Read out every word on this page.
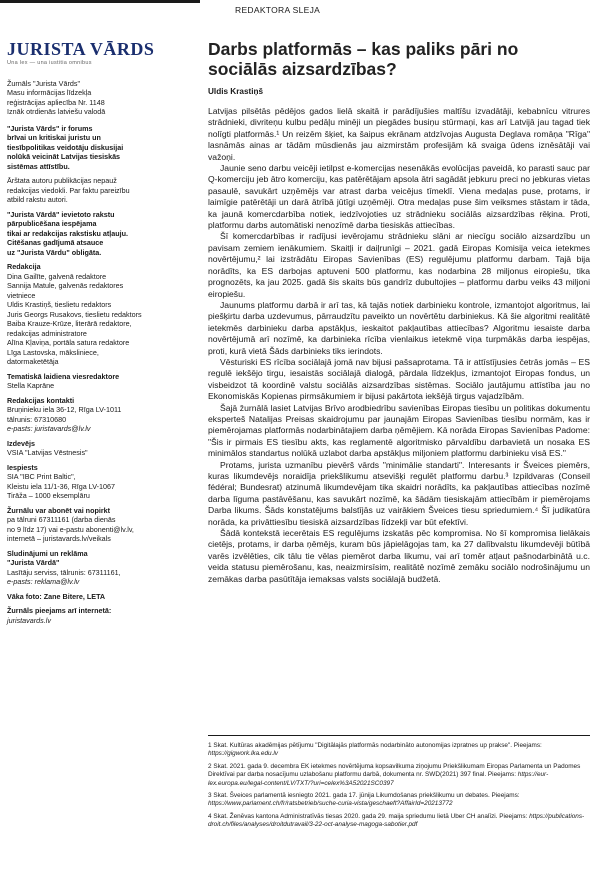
REDAKTORA SLEJA
JURISTA VĀRDS
Una lex — una iustitia omnibus

Žurnāls "Jurista Vārds"
Masu informācijas līdzekļa
reģistrācijas apliecība Nr. 1148
Iznāk otrdienās latviešu valodā

"Jurista Vārds" ir forums
brīvai un kritiskai juristu un
tiesībpolitikas veidotāju diskusijai
nolūkā veicināt Latvijas tiesiskās
sistēmas attīstību.

Ārštata autoru publikācijas nepauž
redakcijas viedokli. Par faktu pareizību
atbild rakstu autori.

"Jurista Vārdā" ievietoto rakstu
pārpublicēšana iespējama
tikai ar redakcijas rakstisku atļauju.
Citēšanas gadījumā atsauce
uz "Jurista Vārdu" obligāta.

Redakcija
Dina Gailīte, galvenā redaktore
Sannija Matule, galvenās redaktores
vietniece
Uldis Krastiņš, tieslietu redaktors
Juris Georgs Rusakovs, tieslietu redaktors
Baiba Krauze-Krūze, literārā redaktore,
redakcijas administratore
Alīna Kļaviņa, portāla satura redaktore
Līga Lastovska, māksliniece,
datormaketētāja

Tematiskā laidiena viesredaktore
Stella Kaprāne

Redakcijas kontakti
Bruņinieku iela 36-12, Rīga LV-1011
tālrunis: 67310680
e-pasts: juristavards@lv.lv

Izdevējs
VSIA "Latvijas Vēstnesis"

Iespiests
SIA "IBC Print Baltic",
Kleistu iela 11/1-36, Rīga LV-1067
Tirāža – 1000 eksemplāru

Žurnālu var abonēt vai nopirkt
pa tālruni 67311161 (darba dienās
no 9 līdz 17) vai e-pastu abonenti@lv.lv,
internetā – juristavards.lv/veikals

Sludinājumi un reklāma
"Jurista Vārdā"
Lasītāju serviss, tālrunis: 67311161,
e-pasts: reklama@lv.lv

Vāka foto: Zane Bitere, LETA

Žurnāls pieejams arī internetā:
juristavards.lv

Darbs platformās – kas paliks pāri no sociālās aizsardzības?
Uldis Krastiņš

Latvijas pilsētās pēdējos gados lielā skaitā ir parādījušies maltīšu izvadātāji, kebabnīcu vitrures strādnieki, divriteņu kulbu pedāļu minēji un piegādes busiņu stūrmaņi, kas arī Latvijā jau tagad tiek nolīgti platformās.¹ Un reizēm šķiet, ka šaipus ekrānam atdzīvojas Augusta Deglava romāņa "Rīga" lasnāmās ainas ar tādām mūsdienās jau aizmirstām profesijām kā svaiga ūdens iznēsātāji vai važoņi.

Jaunie seno darbu veicēji ietilpst e-komercijas nesenākās evolūcijas paveidā, ko parasti sauc par Q-komerciju jeb ātro komerciju, kas patērētājam apsola ātri sagādāt jebkuru preci no jebkuras vietas pasaulē, savukārt uzņēmējs var atrast darba veicējus tīmeklī. Viena medaļas puse, protams, ir laimīgie patērētāji un darā ātrībā jūtīgi uzņēmēji. Otra medaļas puse šim veiksmes stāstam ir tāda, ka jaunā komercdarbība notiek, iedzīvojoties uz strādnieku sociālās aizsardzības rēķina. Proti, platformu darbs automātiski nenozīmē darba tiesiskās attiecības.

Šī komercdarbības ir radījusi ievērojamu strādnieku slāni ar niecīgu sociālo aizsardzību un pavisam zemiem ienākumiem. Skaitļi ir daiļrunīgi – 2021. gadā Eiropas Komisija veica ietekmes novērtējumu,² lai izstrādātu Eiropas Savienības (ES) regulējumu platformu darbam. Tajā bija norādīts, ka ES darbojas aptuveni 500 platformu, kas nodarbina 28 miljonus eiropiešu, tika prognozēts, ka jau 2025. gadā šis skaits būs gandrīz dubultojies – platformu darbu veiks 43 miljoni eiropiešu.

Jaunums platformu darbā ir arī tas, kā tajās notiek darbinieku kontrole, izmantojot algoritmus, lai piešķirtu darba uzdevumus, pārraudzītu paveikto un novērtētu darbiniekus. Kā šie algoritmi realitātē ietekmēs darbinieku darba apstākļus, ieskaitot pakļautības attiecības? Algoritmu iesaiste darba novērtējumā arī nozīmē, ka darbinieka rīcība vienlaikus ietekmē viņa turpmākās darba iespējas, proti, kurā vietā Šāds darbinieks tiks ierindots.

Vēsturiski ES rīcība sociālajā jomā nav bijusi pašsaprotama. Tā ir attīstījusies četrās jomās – ES regulē iekšējo tirgu, iesaistās sociālajā dialogā, pārdala līdzekļus, izmantojot Eiropas fondus, un visbeidzot tā koordinē valstu sociālās aizsardzības sistēmas. Sociālo jautājumu attīstība jau no Ekonomiskās Kopienas pirmsākumiem ir bijusi pakārtota iekšējā tirgus vajadzībām.

Šajā žurnālā lasiet Latvijas Brīvo arodbiedrību savienības Eiropas tiesību un politikas dokumentu eksperteš Natalijas Preisas skaidrojumu par jaunajām Eiropas Savienības tiesību normām, kas ir piemērojamas platformās nodarbinātajiem darba ņēmējiem. Kā norāda Eiropas Savienības Padome: "Šis ir pirmais ES tiesību akts, kas reglamentē algoritmisko pārvaldību darbavietā un nosaka ES minimālos standartus nolūkā uzlabot darba apstākļus miljoniem platformu darbinieku visā ES."

Protams, jurista uzmanību pievērš vārds "minimālie standarti". Interesants ir Šveices piemērs, kuras likumdevējs noraidīja priekšlikumu atsevišķi regulēt platformu darbu.³ Izpildvaras (Conseil fédéral; Bundesrat) atzinumā likumdevējam tika skaidri norādīts, ka pakļautības attiecības nozīmē darba līguma pastāvēšanu, kas savukārt nozīmē, ka šādām tiesiskajām attiecībām ir piemērojams Darba likums. Šāds konstatējums balstījās uz vairākiem Šveices tiesu spriedumiem.⁴ Šī judikatūra norāda, ka privāttiesību tiesiskā aizsardzības līdzekļi var būt efektīvi.

Šādā kontekstā iecerētais ES regulējums izskatās pēc kompromisa. No šī kompromisa lielākais cietējs, protams, ir darba ņēmējs, kuram būs jāpielāgojas tam, ka 27 dalībvalstu likumdevēji būtībā varēs izvēlēties, cik tālu tie vēlas piemērot darba likumu, vai arī tomēr atļaut pašnodarbinātā u.c. veida statusu piemērošanu, kas, neaizmirsīsim, realitātē nozīmē zemāku sociālo nodrošinājumu un zemākas darba pasūtītāja iemaksas valsts sociālajā budžetā.

1 Skat. Kultūras akadēmijas pētījumu "Digitālajās platformās nodarbināto autonomijas izpratnes up prakse". Pieejams: https://gigwork.lka.edu.lv

2 Skat. 2021. gada 9. decembra EK ietekmes novērtējuma kopsavilkuma ziņojumu Priekšlikumam Eiropas Parlamenta un Padomes Direktīvai par darba nosacījumu uzlabošanu platformu darbā, dokumenta nr. SWD(2021) 397 final. Pieejams: https://eur-lex.europa.eu/legal-content/LV/TXT/?uri=celex%3A52021SC0397

3 Skat. Šveices parlamentā iesniegto 2021. gada 17. jūnija Likumdošanas priekšlikumu un debates. Pieejams: https://www.parlament.ch/fr/ratsbetrieb/suche-curia-vista/geschaeft?AffairId=20213772

4 Skat. Ženēvas kantona Administratīvās tiesas 2020. gada 29. maija spriedumu lietā Uber CH analīzi. Pieejams: https://publications-droit.ch/files/analyses/droitdutravail/3-22-oct-analyse-magoga-sabotier.pdf
